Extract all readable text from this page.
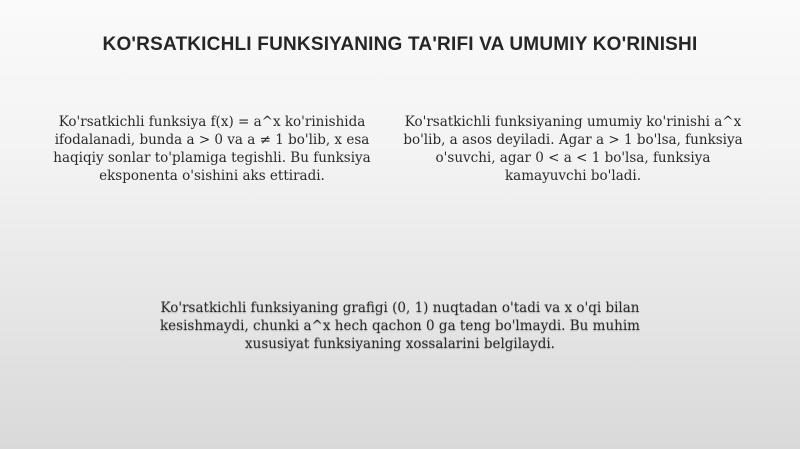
KO'RSATKICHLI FUNKSIYANING TA'RIFI VA UMUMIY KO'RINISHI

Ko'rsatkichli funksiya f(x) = a^x ko'rinishida ifodalanadi, bunda a > 0 va a ≠ 1 bo'lib, x esa haqiqiy sonlar to'plamiga tegishli. Bu funksiya eksponenta o'sishini aks ettiradi.

Ko'rsatkichli funksiyaning umumiy ko'rinishi a^x bo'lib, a asos deyiladi. Agar a > 1 bo'lsa, funksiya o'suvchi, agar 0 < a < 1 bo'lsa, funksiya kamayuvchi bo'ladi.

Ko'rsatkichli funksiyaning grafigi (0, 1) nuqtadan o'tadi va x o'qi bilan kesishmaydi, chunki a^x hech qachon 0 ga teng bo'lmaydi. Bu muhim xususiyat funksiyaning xossalarini belgilaydi.
